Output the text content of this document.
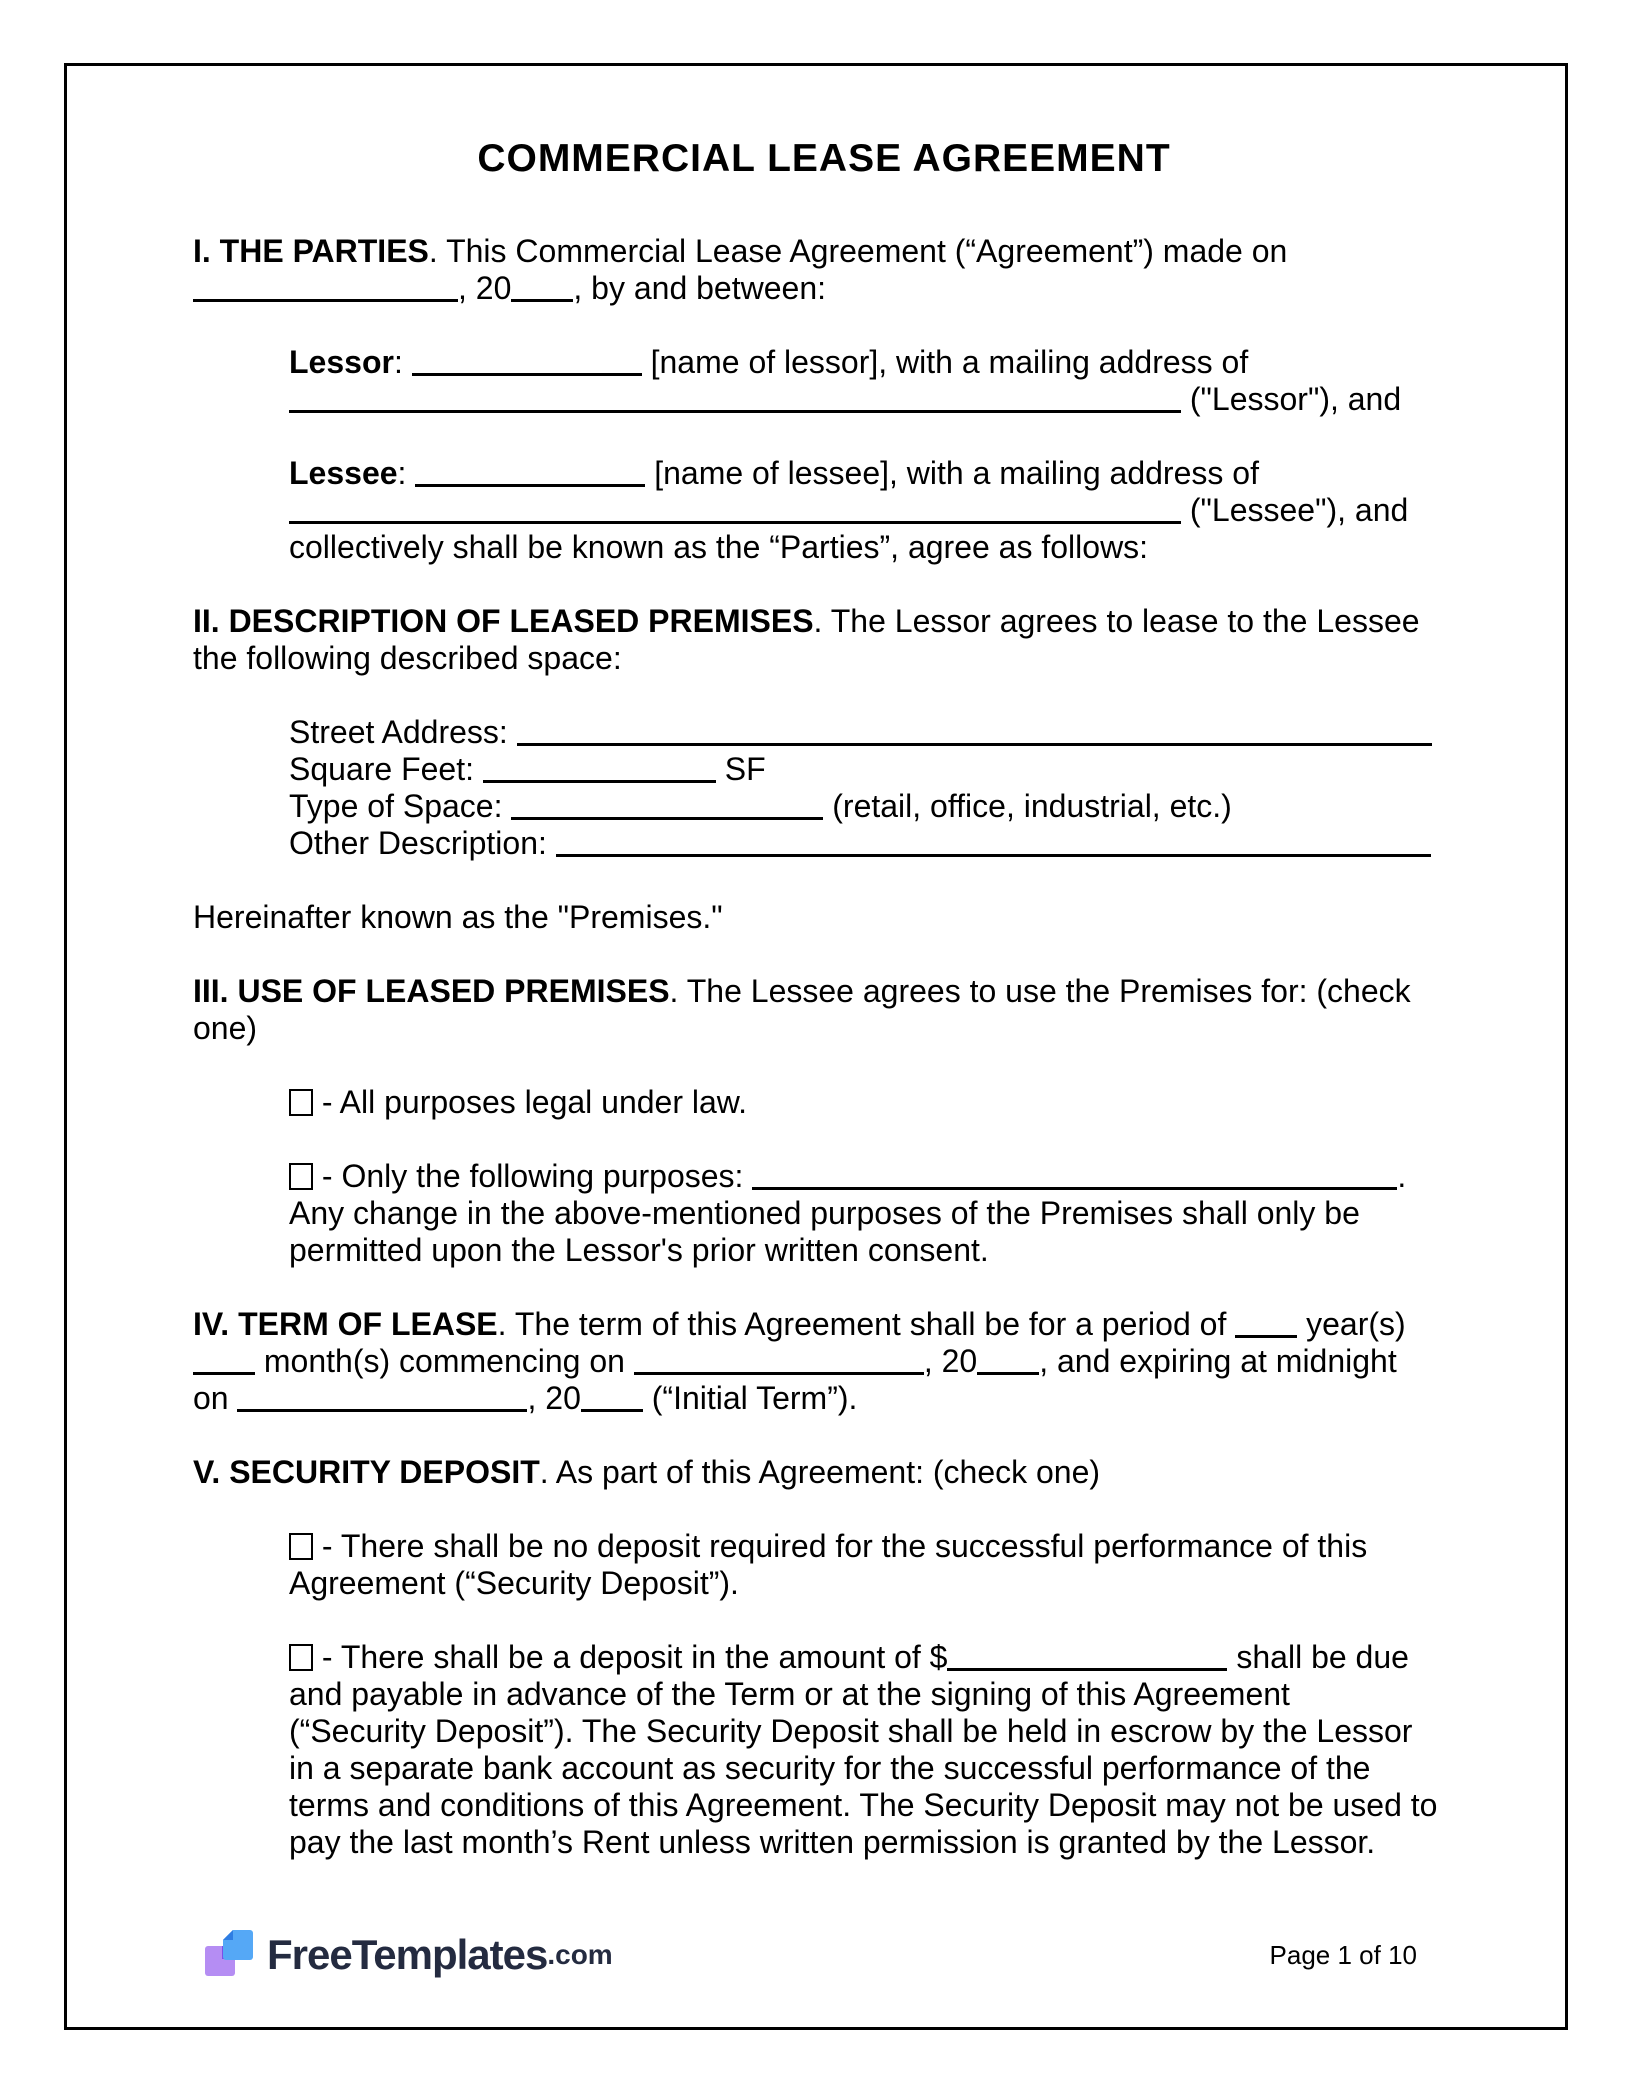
COMMERCIAL LEASE AGREEMENT
I. THE PARTIES. This Commercial Lease Agreement (“Agreement”) made on
, 20 , by and between:
Lessor:	[name of lessor], with a mailing address of
("Lessor"), and
Lessee:	[name of lessee], with a mailing address of
("Lessee"), and
collectively shall be known as the “Parties”, agree as follows:
II. DESCRIPTION OF LEASED PREMISES. The Lessor agrees to lease to the Lessee
the following described space:
Street Address:
Square Feet:	SF
Type of Space:	(retail, office, industrial, etc.)
Other Description:
Hereinafter known as the "Premises."
III. USE OF LEASED PREMISES. The Lessee agrees to use the Premises for: (check
one)
- All purposes legal under law.
- Only the following purposes:	.
Any change in the above-mentioned purposes of the Premises shall only be
permitted upon the Lessor's prior written consent.
IV. TERM OF LEASE. The term of this Agreement shall be for a period of  year(s)
month(s) commencing on	, 20 , and expiring at midnight
on	, 20 (“Initial Term”).
V. SECURITY DEPOSIT. As part of this Agreement: (check one)
- There shall be no deposit required for the successful performance of this
Agreement (“Security Deposit”).
- There shall be a deposit in the amount of $	shall be due
and payable in advance of the Term or at the signing of this Agreement
(“Security Deposit”). The Security Deposit shall be held in escrow by the Lessor
in a separate bank account as security for the successful performance of the
terms and conditions of this Agreement. The Security Deposit may not be used to
pay the last month’s Rent unless written permission is granted by the Lessor.
FreeTemplates .com	Page 1 of 10
